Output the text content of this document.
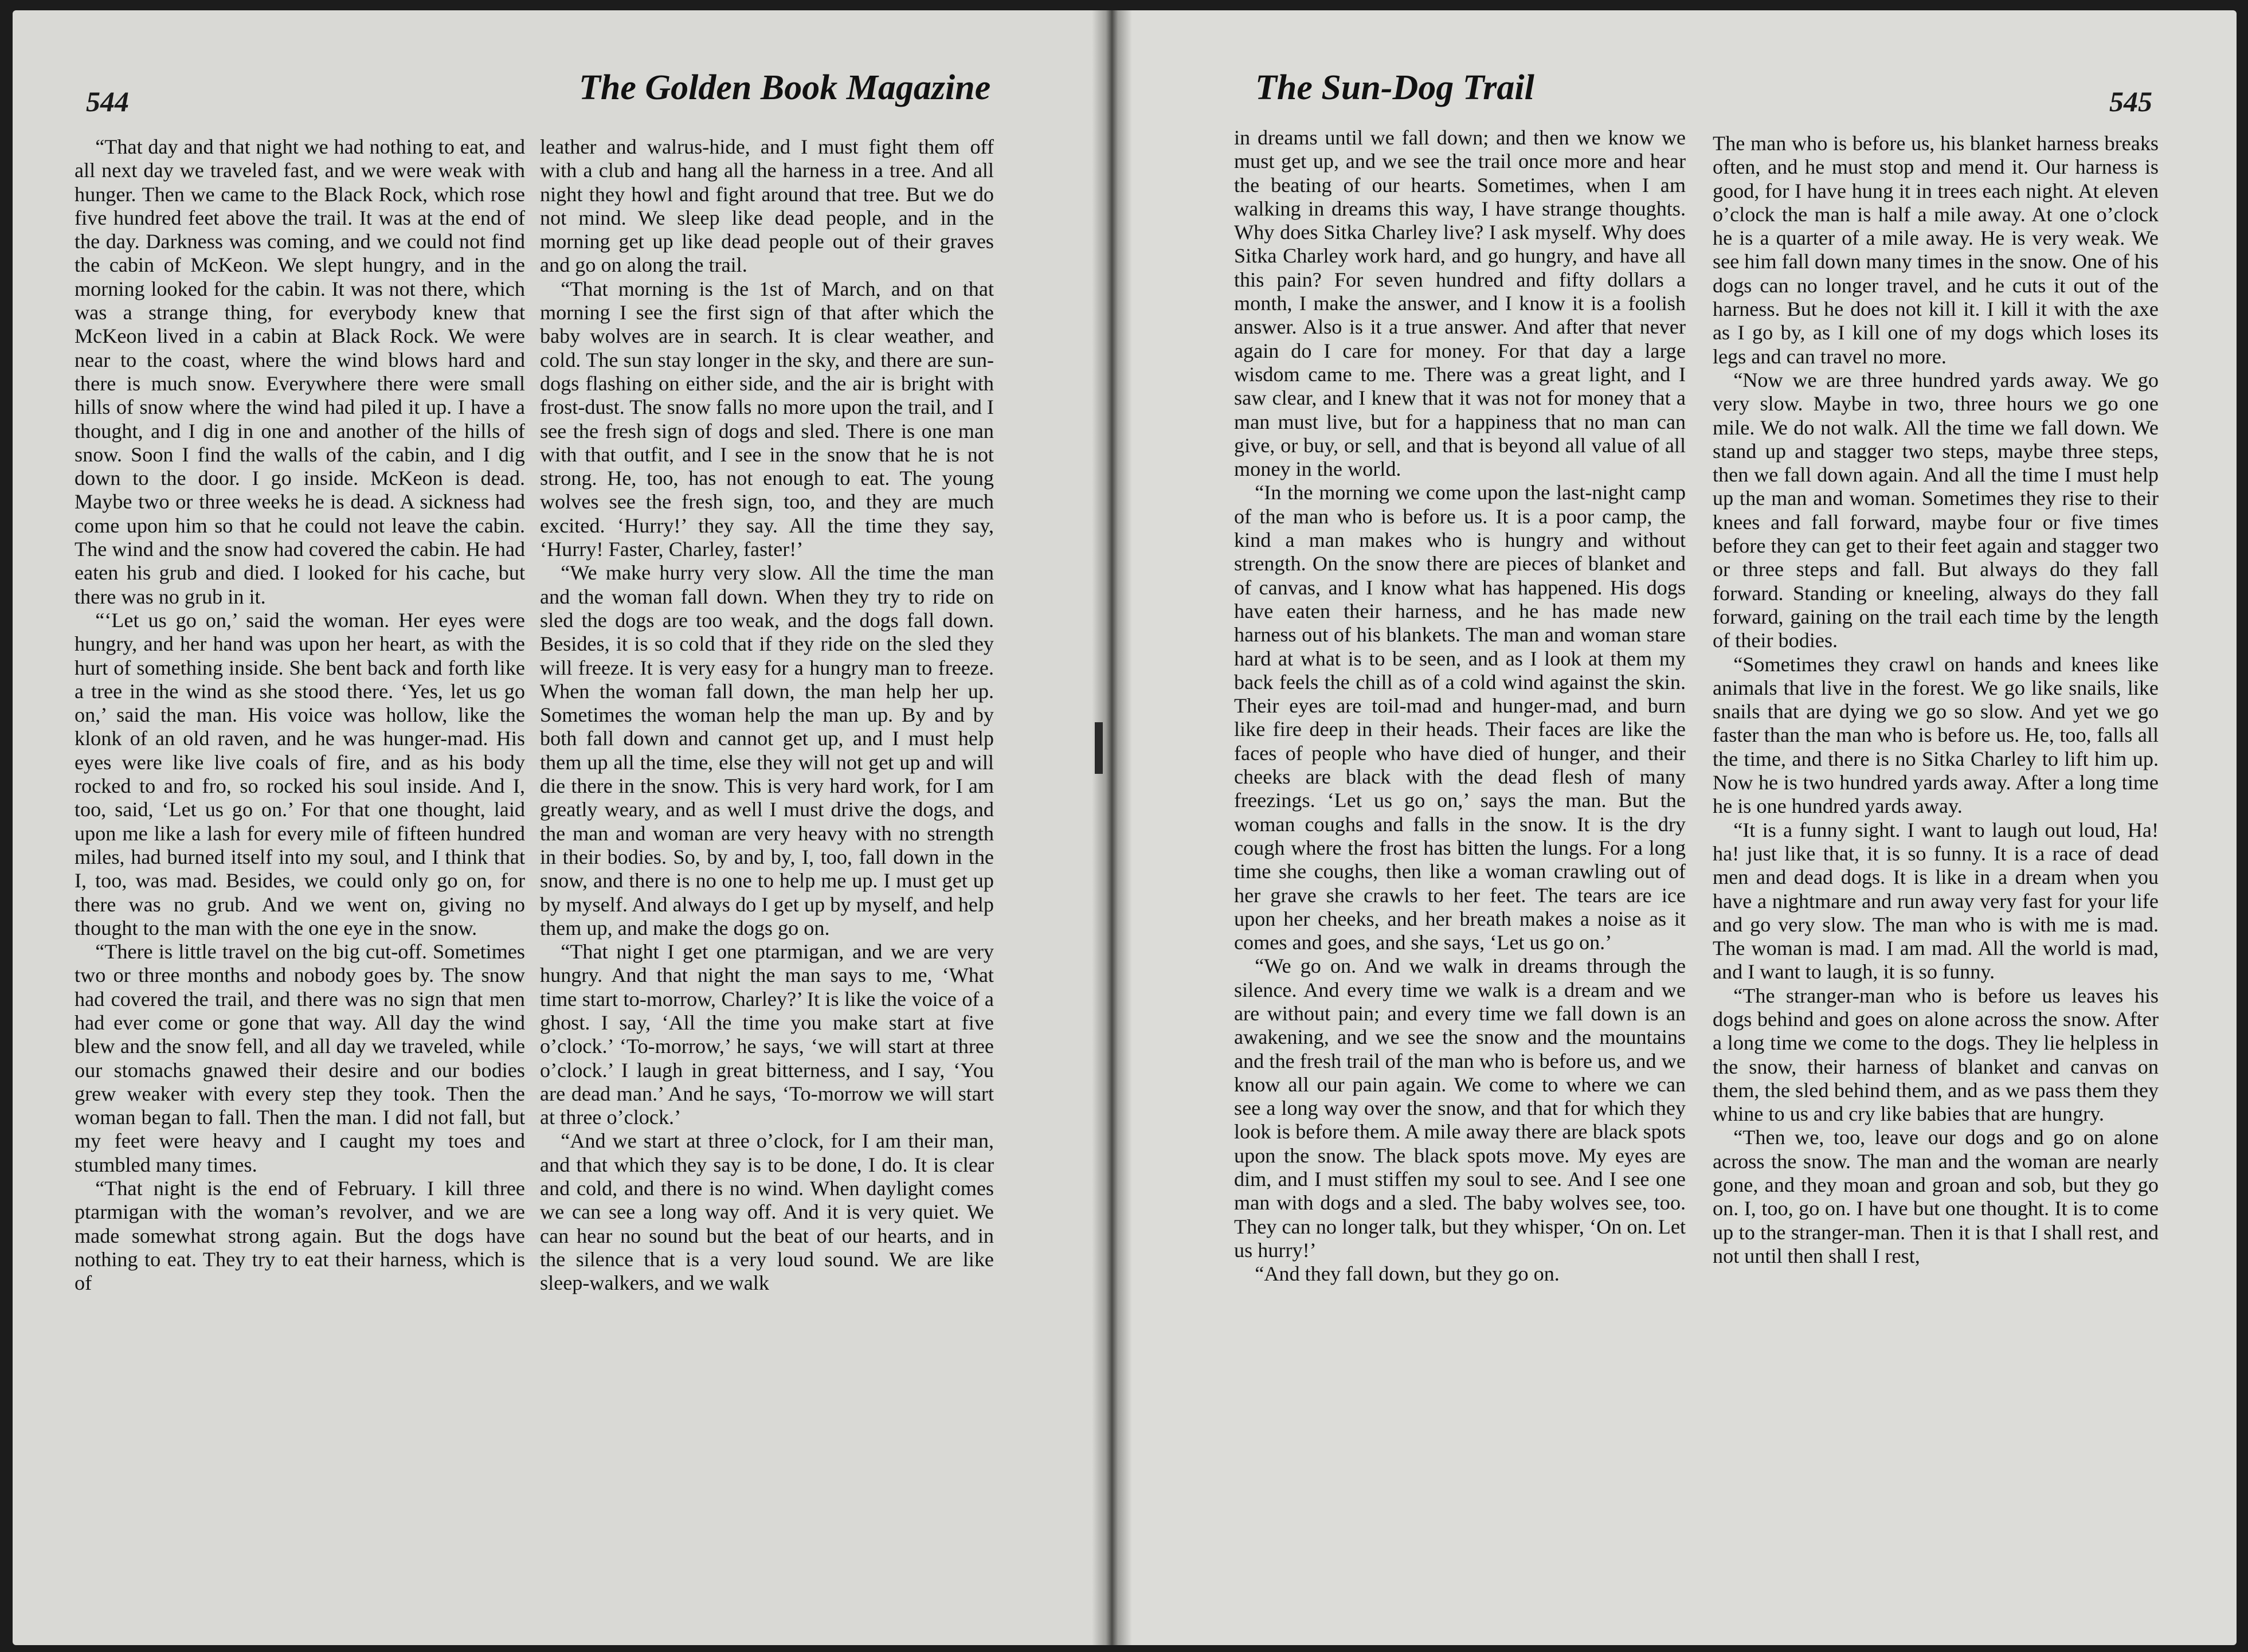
544	The Golden Book Magazine	545
The Sun-Dog Trail

“That day and that night we had nothing to eat, and all next day we traveled fast, and we were weak with hunger. Then we came to the Black Rock, which rose five hundred feet above the trail. It was at the end of the day. Darkness was coming, and we could not find the cabin of McKeon. We slept hungry, and in the morning looked for the cabin. It was not there, which was a strange thing, for everybody knew that McKeon lived in a cabin at Black Rock. We were near to the coast, where the wind blows hard and there is much snow. Everywhere there were small hills of snow where the wind had piled it up. I have a thought, and I dig in one and another of the hills of snow. Soon I find the walls of the cabin, and I dig down to the door. I go inside. McKeon is dead. Maybe two or three weeks he is dead. A sickness had come upon him so that he could not leave the cabin. The wind and the snow had covered the cabin. He had eaten his grub and died. I looked for his cache, but there was no grub in it.

“‘Let us go on,’ said the woman. Her eyes were hungry, and her hand was upon her heart, as with the hurt of something inside. She bent back and forth like a tree in the wind as she stood there. ‘Yes, let us go on,’ said the man. His voice was hollow, like the klonk of an old raven, and he was hunger-mad. His eyes were like live coals of fire, and as his body rocked to and fro, so rocked his soul inside. And I, too, said, ‘Let us go on.’ For that one thought, laid upon me like a lash for every mile of fifteen hundred miles, had burned itself into my soul, and I think that I, too, was mad. Besides, we could only go on, for there was no grub. And we went on, giving no thought to the man with the one eye in the snow.

“There is little travel on the big cut-off. Sometimes two or three months and nobody goes by. The snow had covered the trail, and there was no sign that men had ever come or gone that way. All day the wind blew and the snow fell, and all day we traveled, while our stomachs gnawed their desire and our bodies grew weaker with every step they took. Then the woman began to fall. Then the man. I did not fall, but my feet were heavy and I caught my toes and stumbled many times.

“That night is the end of February. I kill three ptarmigan with the woman’s revolver, and we are made somewhat strong again. But the dogs have nothing to eat. They try to eat their harness, which is of

leather and walrus-hide, and I must fight them off with a club and hang all the harness in a tree. And all night they howl and fight around that tree. But we do not mind. We sleep like dead people, and in the morning get up like dead people out of their graves and go on along the trail.

“That morning is the 1st of March, and on that morning I see the first sign of that after which the baby wolves are in search. It is clear weather, and cold. The sun stay longer in the sky, and there are sun-dogs flashing on either side, and the air is bright with frost-dust. The snow falls no more upon the trail, and I see the fresh sign of dogs and sled. There is one man with that outfit, and I see in the snow that he is not strong. He, too, has not enough to eat. The young wolves see the fresh sign, too, and they are much excited. ‘Hurry!’ they say. All the time they say, ‘Hurry! Faster, Charley, faster!’

“We make hurry very slow. All the time the man and the woman fall down. When they try to ride on sled the dogs are too weak, and the dogs fall down. Besides, it is so cold that if they ride on the sled they will freeze. It is very easy for a hungry man to freeze. When the woman fall down, the man help her up. Sometimes the woman help the man up. By and by both fall down and cannot get up, and I must help them up all the time, else they will not get up and will die there in the snow. This is very hard work, for I am greatly weary, and as well I must drive the dogs, and the man and woman are very heavy with no strength in their bodies. So, by and by, I, too, fall down in the snow, and there is no one to help me up. I must get up by myself. And always do I get up by myself, and help them up, and make the dogs go on.

“That night I get one ptarmigan, and we are very hungry. And that night the man says to me, ‘What time start to-morrow, Charley?’ It is like the voice of a ghost. I say, ‘All the time you make start at five o’clock.’ ‘To-morrow,’ he says, ‘we will start at three o’clock.’ I laugh in great bitterness, and I say, ‘You are dead man.’ And he says, ‘To-morrow we will start at three o’clock.’

“And we start at three o’clock, for I am their man, and that which they say is to be done, I do. It is clear and cold, and there is no wind. When daylight comes we can see a long way off. And it is very quiet. We can hear no sound but the beat of our hearts, and in the silence that is a very loud sound. We are like sleep-walkers, and we walk

in dreams until we fall down; and then we know we must get up, and we see the trail once more and hear the beating of our hearts. Sometimes, when I am walking in dreams this way, I have strange thoughts. Why does Sitka Charley live? I ask myself. Why does Sitka Charley work hard, and go hungry, and have all this pain? For seven hundred and fifty dollars a month, I make the answer, and I know it is a foolish answer. Also is it a true answer. And after that never again do I care for money. For that day a large wisdom came to me. There was a great light, and I saw clear, and I knew that it was not for money that a man must live, but for a happiness that no man can give, or buy, or sell, and that is beyond all value of all money in the world.

“In the morning we come upon the last-night camp of the man who is before us. It is a poor camp, the kind a man makes who is hungry and without strength. On the snow there are pieces of blanket and of canvas, and I know what has happened. His dogs have eaten their harness, and he has made new harness out of his blankets. The man and woman stare hard at what is to be seen, and as I look at them my back feels the chill as of a cold wind against the skin. Their eyes are toil-mad and hunger-mad, and burn like fire deep in their heads. Their faces are like the faces of people who have died of hunger, and their cheeks are black with the dead flesh of many freezings. ‘Let us go on,’ says the man. But the woman coughs and falls in the snow. It is the dry cough where the frost has bitten the lungs. For a long time she coughs, then like a woman crawling out of her grave she crawls to her feet. The tears are ice upon her cheeks, and her breath makes a noise as it comes and goes, and she says, ‘Let us go on.’

“We go on. And we walk in dreams through the silence. And every time we walk is a dream and we are without pain; and every time we fall down is an awakening, and we see the snow and the mountains and the fresh trail of the man who is before us, and we know all our pain again. We come to where we can see a long way over the snow, and that for which they look is before them. A mile away there are black spots upon the snow. The black spots move. My eyes are dim, and I must stiffen my soul to see. And I see one man with dogs and a sled. The baby wolves see, too. They can no longer talk, but they whisper, ‘On on. Let us hurry!’

“And they fall down, but they go on.

The man who is before us, his blanket harness breaks often, and he must stop and mend it. Our harness is good, for I have hung it in trees each night. At eleven o’clock the man is half a mile away. At one o’clock he is a quarter of a mile away. He is very weak. We see him fall down many times in the snow. One of his dogs can no longer travel, and he cuts it out of the harness. But he does not kill it. I kill it with the axe as I go by, as I kill one of my dogs which loses its legs and can travel no more.

“Now we are three hundred yards away. We go very slow. Maybe in two, three hours we go one mile. We do not walk. All the time we fall down. We stand up and stagger two steps, maybe three steps, then we fall down again. And all the time I must help up the man and woman. Sometimes they rise to their knees and fall forward, maybe four or five times before they can get to their feet again and stagger two or three steps and fall. But always do they fall forward. Standing or kneeling, always do they fall forward, gaining on the trail each time by the length of their bodies.

“Sometimes they crawl on hands and knees like animals that live in the forest. We go like snails, like snails that are dying we go so slow. And yet we go faster than the man who is before us. He, too, falls all the time, and there is no Sitka Charley to lift him up. Now he is two hundred yards away. After a long time he is one hundred yards away.

“It is a funny sight. I want to laugh out loud, Ha! ha! just like that, it is so funny. It is a race of dead men and dead dogs. It is like in a dream when you have a nightmare and run away very fast for your life and go very slow. The man who is with me is mad. The woman is mad. I am mad. All the world is mad, and I want to laugh, it is so funny.

“The stranger-man who is before us leaves his dogs behind and goes on alone across the snow. After a long time we come to the dogs. They lie helpless in the snow, their harness of blanket and canvas on them, the sled behind them, and as we pass them they whine to us and cry like babies that are hungry.

“Then we, too, leave our dogs and go on alone across the snow. The man and the woman are nearly gone, and they moan and groan and sob, but they go on. I, too, go on. I have but one thought. It is to come up to the stranger-man. Then it is that I shall rest, and not until then shall I rest,
